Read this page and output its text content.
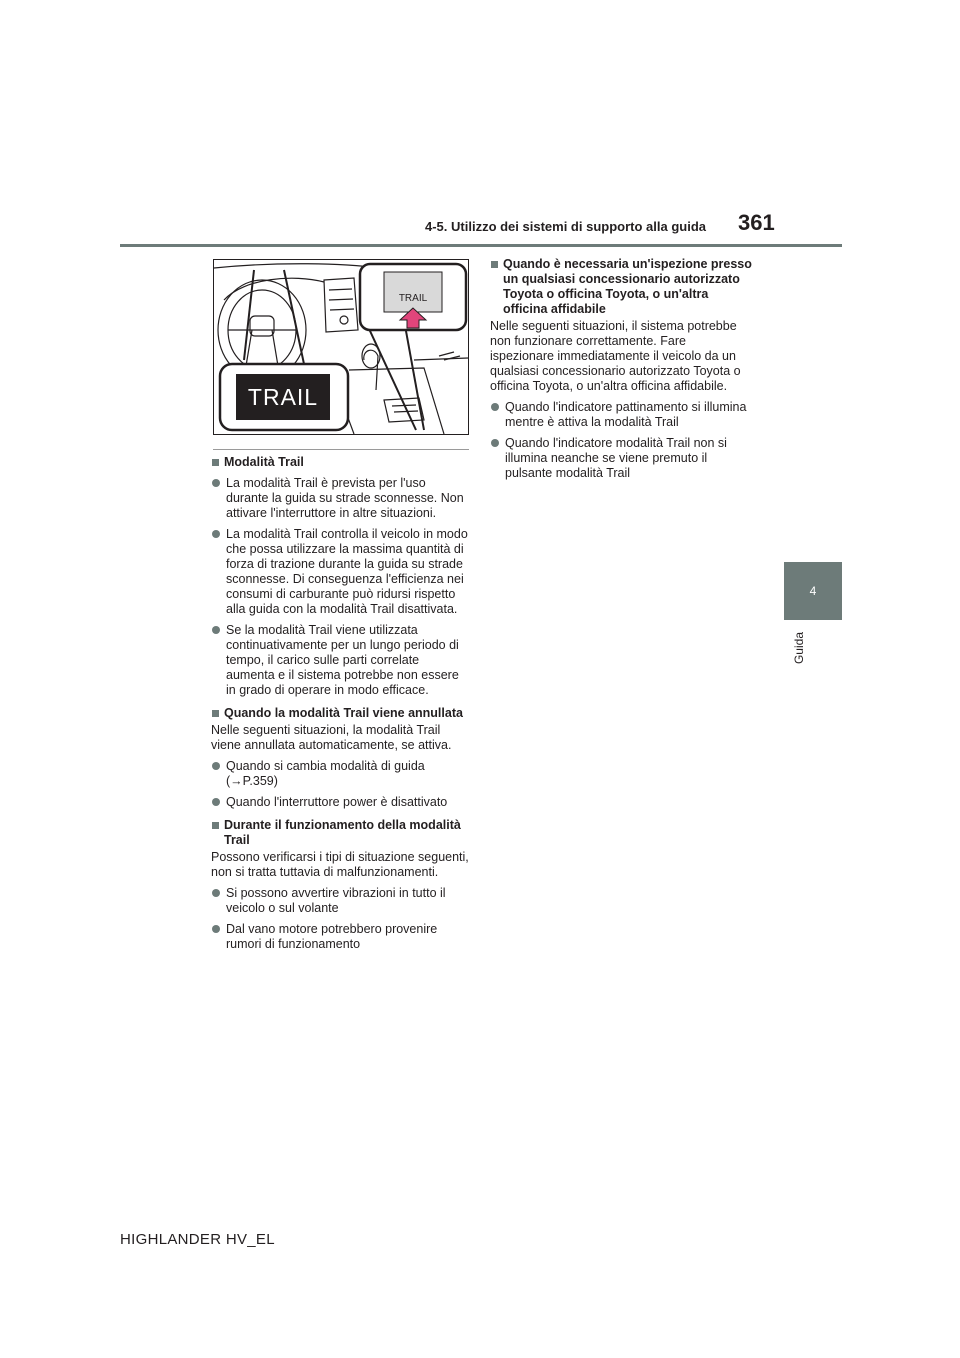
4-5. Utilizzo dei sistemi di supporto alla guida 361
4
Guida
TRAIL
TRAIL
Modalità Trail
La modalità Trail è prevista per l'uso durante la guida su strade sconnesse. Non attivare l'interruttore in altre situazioni.
La modalità Trail controlla il veicolo in modo che possa utilizzare la massima quantità di forza di trazione durante la guida su strade sconnesse. Di conseguenza l'efficienza nei consumi di carburante può ridursi rispetto alla guida con la modalità Trail disattivata.
Se la modalità Trail viene utilizzata continuativamente per un lungo periodo di tempo, il carico sulle parti correlate aumenta e il sistema potrebbe non essere in grado di operare in modo efficace.
Quando la modalità Trail viene annullata
Nelle seguenti situazioni, la modalità Trail viene annullata automaticamente, se attiva.
Quando si cambia modalità di guida (→P.359)
Quando l'interruttore power è disattivato
Durante il funzionamento della modalità Trail
Possono verificarsi i tipi di situazione seguenti, non si tratta tuttavia di malfunzionamenti.
Si possono avvertire vibrazioni in tutto il veicolo o sul volante
Dal vano motore potrebbero provenire rumori di funzionamento
Quando è necessaria un'ispezione presso un qualsiasi concessionario autorizzato Toyota o officina Toyota, o un'altra officina affidabile
Nelle seguenti situazioni, il sistema potrebbe non funzionare correttamente. Fare ispezionare immediatamente il veicolo da un qualsiasi concessionario autorizzato Toyota o officina Toyota, o un'altra officina affidabile.
Quando l'indicatore pattinamento si illumina mentre è attiva la modalità Trail
Quando l'indicatore modalità Trail non si illumina neanche se viene premuto il pulsante modalità Trail
HIGHLANDER HV_EL
